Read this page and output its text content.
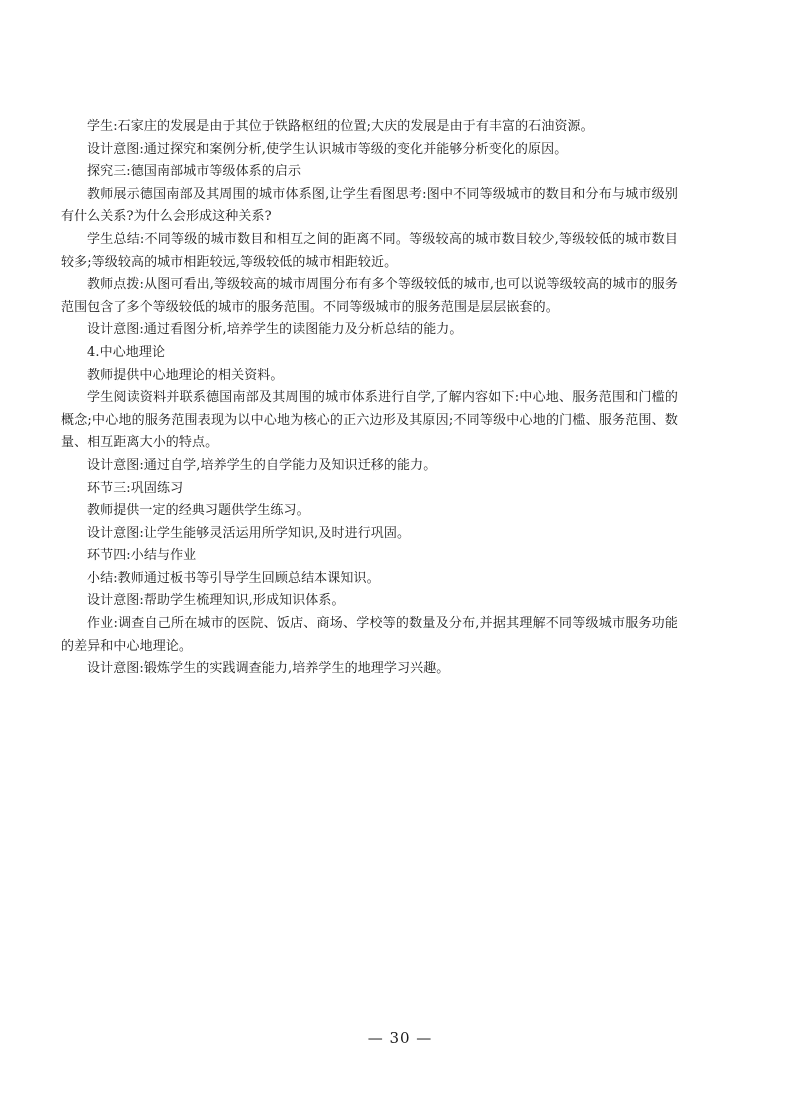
学生:石家庄的发展是由于其位于铁路枢纽的位置;大庆的发展是由于有丰富的石油资源。

设计意图:通过探究和案例分析,使学生认识城市等级的变化并能够分析变化的原因。

探究三:德国南部城市等级体系的启示

教师展示德国南部及其周围的城市体系图,让学生看图思考:图中不同等级城市的数目和分布与城市级别有什么关系?为什么会形成这种关系?

学生总结:不同等级的城市数目和相互之间的距离不同。等级较高的城市数目较少,等级较低的城市数目较多;等级较高的城市相距较远,等级较低的城市相距较近。

教师点拨:从图可看出,等级较高的城市周围分布有多个等级较低的城市,也可以说等级较高的城市的服务范围包含了多个等级较低的城市的服务范围。不同等级城市的服务范围是层层嵌套的。

设计意图:通过看图分析,培养学生的读图能力及分析总结的能力。

4.中心地理论

教师提供中心地理论的相关资料。

学生阅读资料并联系德国南部及其周围的城市体系进行自学,了解内容如下:中心地、服务范围和门槛的概念;中心地的服务范围表现为以中心地为核心的正六边形及其原因;不同等级中心地的门槛、服务范围、数量、相互距离大小的特点。

设计意图:通过自学,培养学生的自学能力及知识迁移的能力。

环节三:巩固练习

教师提供一定的经典习题供学生练习。

设计意图:让学生能够灵活运用所学知识,及时进行巩固。

环节四:小结与作业

小结:教师通过板书等引导学生回顾总结本课知识。

设计意图:帮助学生梳理知识,形成知识体系。

作业:调查自己所在城市的医院、饭店、商场、学校等的数量及分布,并据其理解不同等级城市服务功能的差异和中心地理论。

设计意图:锻炼学生的实践调查能力,培养学生的地理学习兴趣。

— 30 —
